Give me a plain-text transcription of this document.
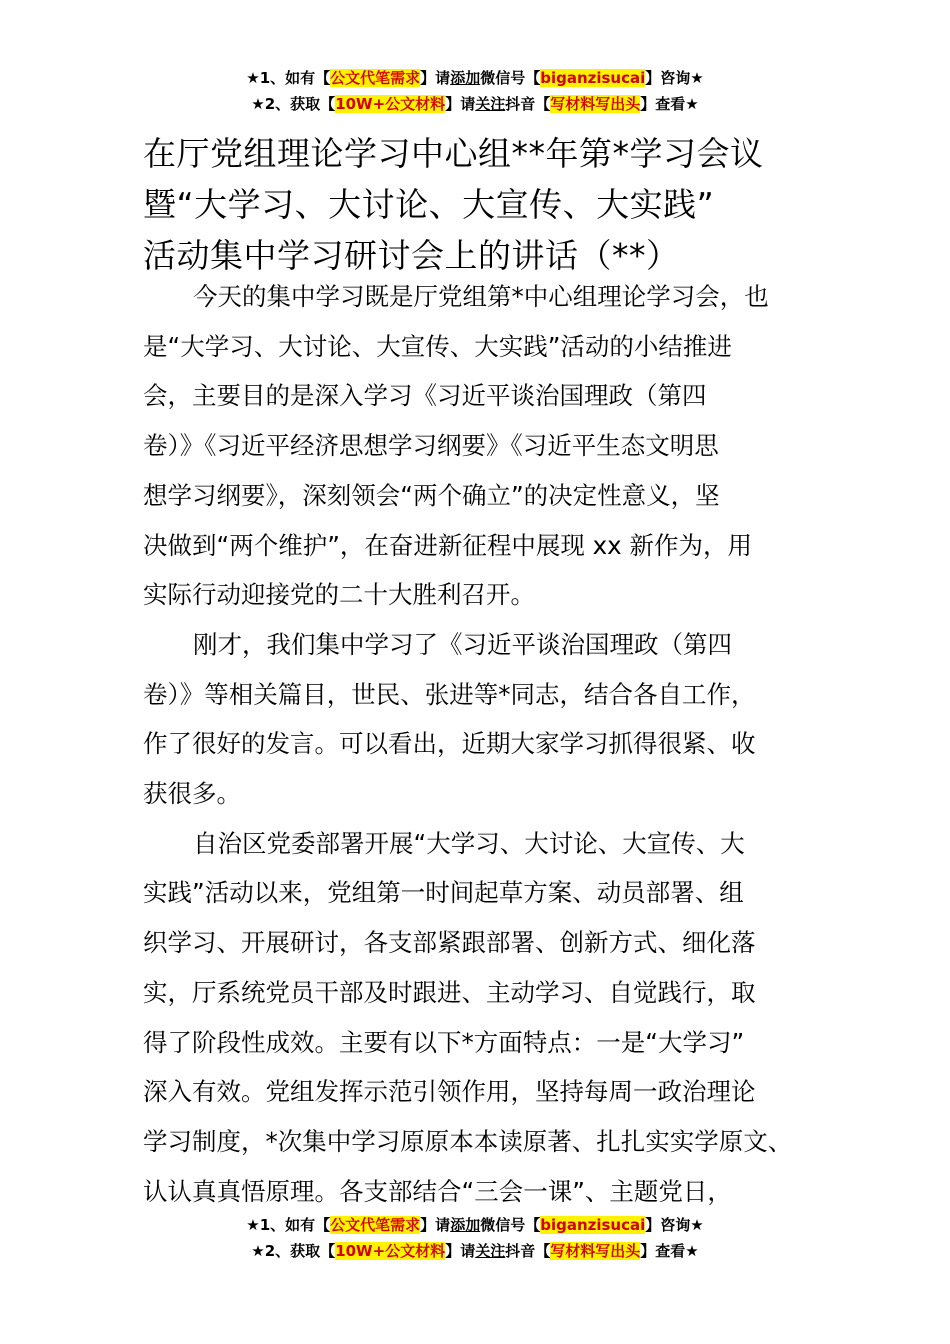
★1、如有【公文代笔需求】请添加微信号【biganzisucai】咨询★
★2、获取【10W+公文材料】请关注抖音【写材料写出头】查看★
在厅党组理论学习中心组**年第*学习会议
暨“大学习、大讨论、大宣传、大实践”
活动集中学习研讨会上的讲话（**）

今天的集中学习既是厅党组第*中心组理论学习会，也
是“大学习、大讨论、大宣传、大实践”活动的小结推进
会，主要目的是深入学习《习近平谈治国理政（第四
卷）》《习近平经济思想学习纲要》《习近平生态文明思
想学习纲要》，深刻领会“两个确立”的决定性意义，坚
决做到“两个维护”，在奋进新征程中展现 xx 新作为，用
实际行动迎接党的二十大胜利召开。

刚才，我们集中学习了《习近平谈治国理政（第四
卷）》等相关篇目，世民、张进等*同志，结合各自工作，
作了很好的发言。可以看出，近期大家学习抓得很紧、收
获很多。

自治区党委部署开展“大学习、大讨论、大宣传、大
实践”活动以来，党组第一时间起草方案、动员部署、组
织学习、开展研讨，各支部紧跟部署、创新方式、细化落
实，厅系统党员干部及时跟进、主动学习、自觉践行，取
得了阶段性成效。主要有以下*方面特点：一是“大学习”
深入有效。党组发挥示范引领作用，坚持每周一政治理论
学习制度，*次集中学习原原本本读原著、扎扎实实学原文、
认认真真悟原理。各支部结合“三会一课”、主题党日，

★1、如有【公文代笔需求】请添加微信号【biganzisucai】咨询★
★2、获取【10W+公文材料】请关注抖音【写材料写出头】查看★
